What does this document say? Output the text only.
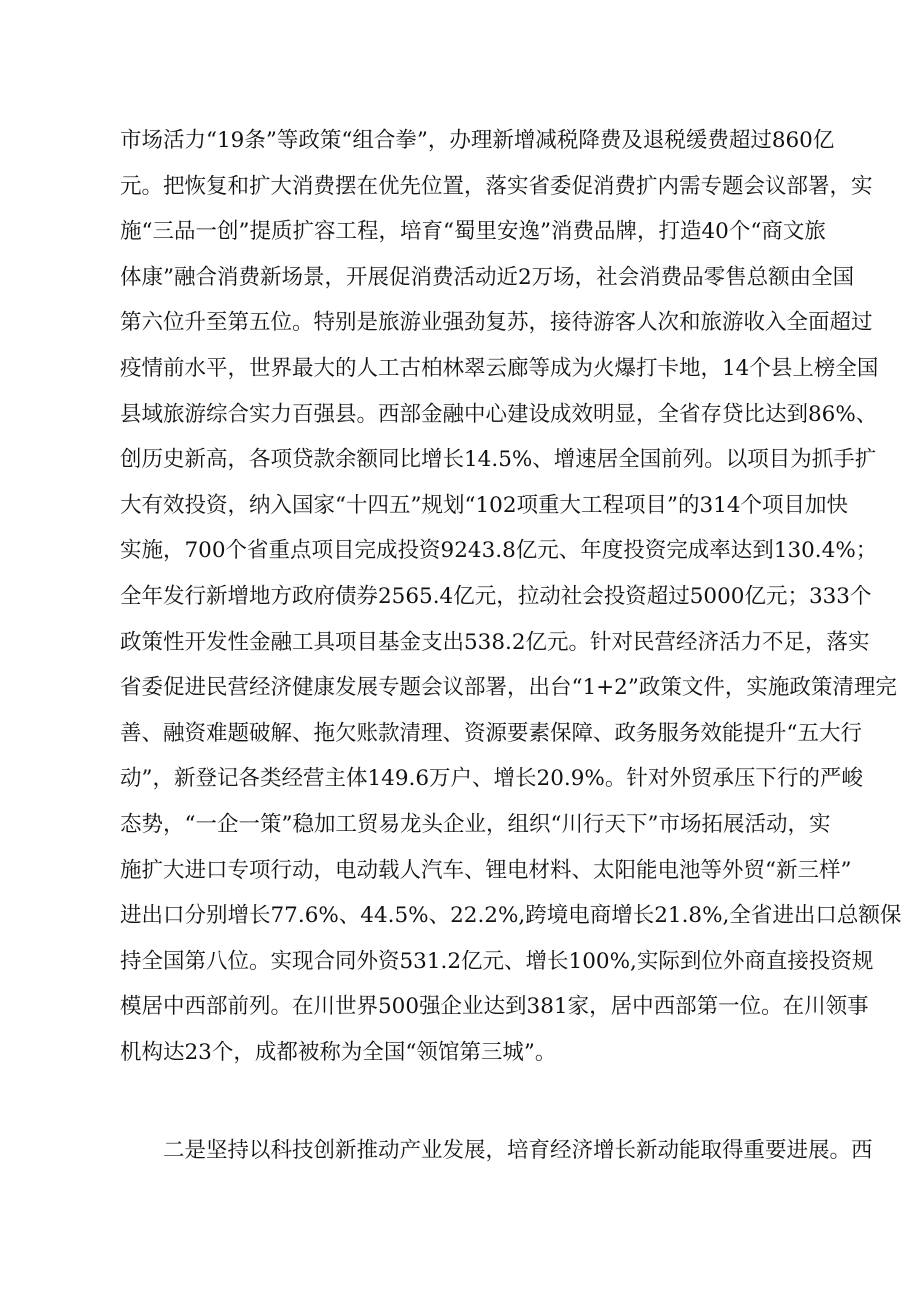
市场活力“19条”等政策“组合拳”，办理新增减税降费及退税缓费超过860亿
元。把恢复和扩大消费摆在优先位置，落实省委促消费扩内需专题会议部署，实
施“三品一创”提质扩容工程，培育“蜀里安逸”消费品牌，打造40个“商文旅
体康”融合消费新场景，开展促消费活动近2万场，社会消费品零售总额由全国
第六位升至第五位。特别是旅游业强劲复苏，接待游客人次和旅游收入全面超过
疫情前水平，世界最大的人工古柏林翠云廊等成为火爆打卡地，14个县上榜全国
县域旅游综合实力百强县。西部金融中心建设成效明显，全省存贷比达到86%、
创历史新高，各项贷款余额同比增长14.5%、增速居全国前列。以项目为抓手扩
大有效投资，纳入国家“十四五”规划“102项重大工程项目”的314个项目加快
实施，700个省重点项目完成投资9243.8亿元、年度投资完成率达到130.4%；
全年发行新增地方政府债券2565.4亿元，拉动社会投资超过5000亿元；333个
政策性开发性金融工具项目基金支出538.2亿元。针对民营经济活力不足，落实
省委促进民营经济健康发展专题会议部署，出台“1+2”政策文件，实施政策清理完
善、融资难题破解、拖欠账款清理、资源要素保障、政务服务效能提升“五大行
动”，新登记各类经营主体149.6万户、增长20.9%。针对外贸承压下行的严峻
态势，“一企一策”稳加工贸易龙头企业，组织“川行天下”市场拓展活动，实
施扩大进口专项行动，电动载人汽车、锂电材料、太阳能电池等外贸“新三样”
进出口分别增长77.6%、44.5%、22.2%,跨境电商增长21.8%,全省进出口总额保
持全国第八位。实现合同外资531.2亿元、增长100%,实际到位外商直接投资规
模居中西部前列。在川世界500强企业达到381家，居中西部第一位。在川领事
机构达23个，成都被称为全国“领馆第三城”。
二是坚持以科技创新推动产业发展，培育经济增长新动能取得重要进展。西
